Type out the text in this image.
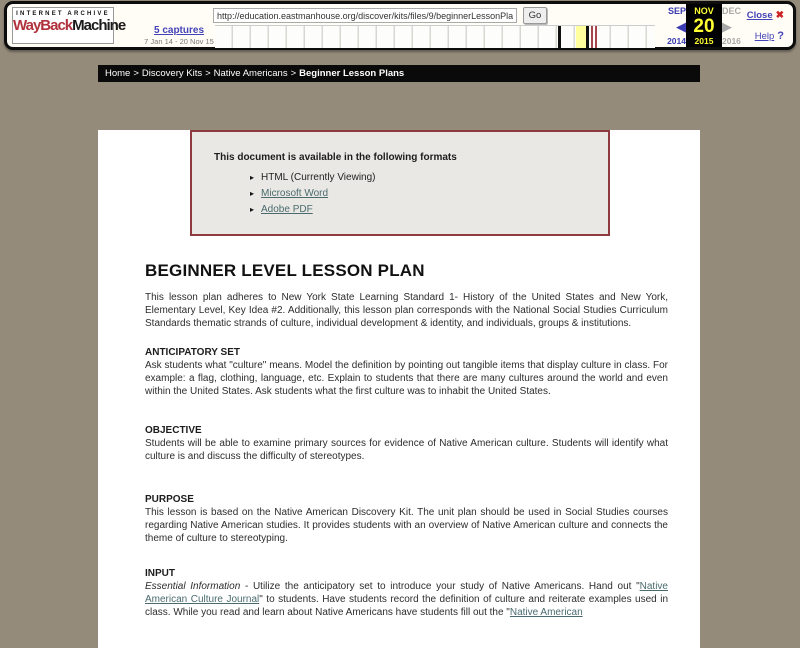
INTERNET ARCHIVE
WayBackMachine	5 captures
7 Jan 14 - 20 Nov 15
http://education.eastmanhouse.org/discover/kits/files/9/beginnerLessonPlans.php
Go	SEP
◀
2014
NOV
20
2015
DEC
▶
2016
Close ✖
Help ?
Home > Discovery Kits > Native Americans > Beginner Lesson Plans
This document is available in the following formats
▸ HTML (Currently Viewing)
▸ Microsoft Word
▸ Adobe PDF
BEGINNER LEVEL LESSON PLAN

This lesson plan adheres to New York State Learning Standard 1- History of the United States and New York, Elementary Level, Key Idea #2. Additionally, this lesson plan corresponds with the National Social Studies Curriculum Standards thematic strands of culture, individual development & identity, and individuals, groups & institutions.

ANTICIPATORY SET

Ask students what "culture" means. Model the definition by pointing out tangible items that display culture in class. For example: a flag, clothing, language, etc. Explain to students that there are many cultures around the world and even within the United States. Ask students what the first culture was to inhabit the United States.

OBJECTIVE

Students will be able to examine primary sources for evidence of Native American culture. Students will identify what culture is and discuss the difficulty of stereotypes.

PURPOSE

This lesson is based on the Native American Discovery Kit. The unit plan should be used in Social Studies courses regarding Native American studies. It provides students with an overview of Native American culture and connects the theme of culture to stereotyping.

INPUT

Essential Information - Utilize the anticipatory set to introduce your study of Native Americans. Hand out "Native American Culture Journal" to students. Have students record the definition of culture and reiterate examples used in class. While you read and learn about Native Americans have students fill out the "Native American
